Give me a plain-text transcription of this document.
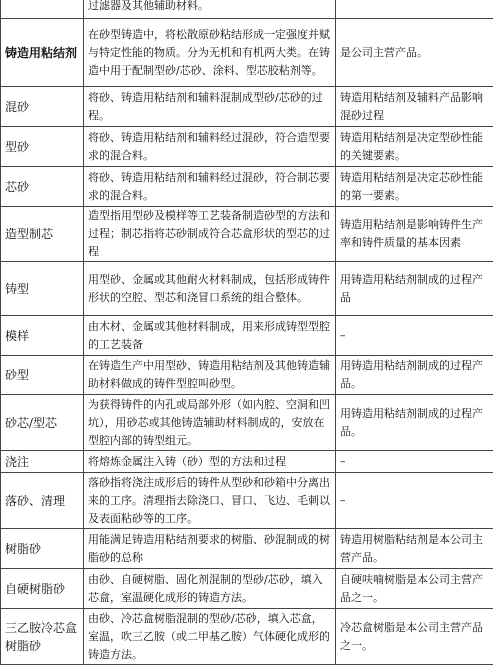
	过滤器及其他辅助材料。	
铸造用粘结剂	在砂型铸造中，将松散原砂粘结形成一定强度并赋与特定性能的物质。分为无机和有机两大类。在铸造中用于配制型砂/芯砂、涂料、型芯胶粘剂等。	是公司主营产品。
混砂	将砂、铸造用粘结剂和辅料混制成型砂/芯砂的过程。	铸造用粘结剂及辅料产品影响混砂过程
型砂	将砂、铸造用粘结剂和辅料经过混砂，符合造型要求的混合料。	铸造用粘结剂是决定型砂性能的关键要素。
芯砂	将砂、铸造用粘结剂和辅料经过混砂，符合制芯要求的混合料。	铸造用粘结剂是决定芯砂性能的第一要素。
造型制芯	造型指用型砂及模样等工艺装备制造砂型的方法和过程；制芯指将芯砂制成符合芯盒形状的型芯的过程	铸造用粘结剂是影响铸件生产率和铸件质量的基本因素
铸型	用型砂、金属或其他耐火材料制成，包括形成铸件形状的空腔、型芯和浇冒口系统的组合整体。	用铸造用粘结剂制成的过程产品
模样	由木材、金属或其他材料制成，用来形成铸型型腔的工艺装备	–
砂型	在铸造生产中用型砂、铸造用粘结剂及其他铸造辅助材料做成的铸件型腔叫砂型。	用铸造用粘结剂制成的过程产品。
砂芯/型芯	为获得铸件的内孔或局部外形（如内腔、空洞和凹坑），用砂芯或其他铸造辅助材料制成的，安放在型腔内部的铸型组元。	用铸造用粘结剂制成的过程产品。
浇注	将熔炼金属注入铸（砂）型的方法和过程	–
落砂、清理	落砂指将浇注成形后的铸件从型砂和砂箱中分离出来的工序。清理指去除浇口、冒口、飞边、毛刺以及表面粘砂等的工序。	–
树脂砂	用能满足铸造用粘结剂要求的树脂、砂混制成的树脂砂的总称	铸造用树脂粘结剂是本公司主营产品。
自硬树脂砂	由砂、自硬树脂、固化剂混制的型砂/芯砂，填入芯盒，室温硬化成形的铸造方法。	自硬呋喃树脂是本公司主营产品之一。
三乙胺冷芯盒树脂砂	由砂、冷芯盒树脂混制的型砂/芯砂，填入芯盒，室温，吹三乙胺（或二甲基乙胺）气体硬化成形的铸造方法。	冷芯盒树脂是本公司主营产品之一。
